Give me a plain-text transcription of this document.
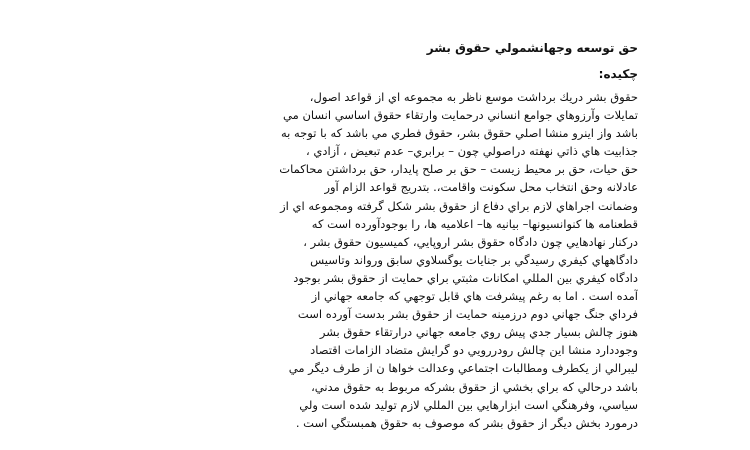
حق توسعه وجهانشمولي حقوق بشر
چکیده:
حقوق بشر دريك برداشت موسع ناظر به مجموعه اي از قواعد اصول،
تمايلات وآرزوهاي جوامع انساني درحمايت وارتقاء حقوق اساسي انسان مي
باشد واز اينرو منشا اصلي حقوق بشر، حقوق فطري مي باشد كه با توجه به
جذابيت هاي ذاتي نهفته دراصولي چون – برابري– عدم تبعيض ، آزادي ،
حق حيات، حق بر محيط زيست – حق بر صلح پايدار، حق برداشتن محاكمات
عادلانه وحق انتخاب محل سكونت واقامت،. بتدريج قواعد الزام آور
وضمانت اجراهاي لازم براي دفاع از حقوق بشر شكل گرفته ومجموعه اي از
قطعنامه ها كنوانسيونها– بيانيه ها– اعلاميه ها، را بوجودآورده است كه
دركنار نهادهايي چون دادگاه حقوق بشر اروپايي، كميسيون حقوق بشر ،
دادگاههاي كيفري رسيدگي بر جنايات يوگسلاوي سابق ورواند وتاسيس
دادگاه كيفري بين المللي امكانات مثبتي براي حمايت از حقوق بشر بوجود
آمده است . اما به رغم پيشرفت هاي قابل توجهي كه جامعه جهاني از
فرداي جنگ جهاني دوم درزمينه حمايت از حقوق بشر بدست آورده است
هنوز چالش بسيار جدي پيش روي جامعه جهاني درارتقاء حقوق بشر
وجوددارد منشا اين چالش رودررويي دو گرايش متضاد الزامات اقتصاد
ليبرالي از يكطرف ومطالبات اجتماعي وعدالت خواها ن از طرف ديگر مي
باشد درحالي كه براي بخشي از حقوق بشركه مربوط به حقوق مدني،
سياسي، وفرهنگي است ابزارهايي بين المللي لازم توليد شده است ولي
درمورد بخش ديگر از حقوق بشر كه موصوف به حقوق همبستگي است .
